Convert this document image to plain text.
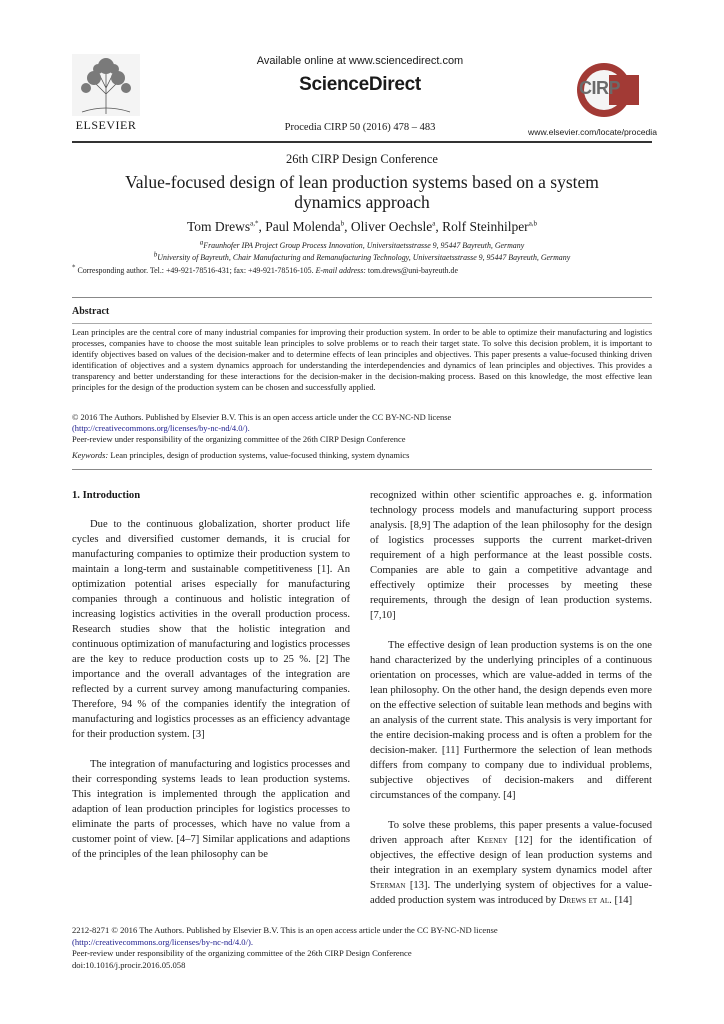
ELSEVIER
Available online at www.sciencedirect.com
ScienceDirect
Procedia CIRP 50 (2016) 478 – 483
CIRP
www.elsevier.com/locate/procedia
26th CIRP Design Conference
Value-focused design of lean production systems based on a system
dynamics approach
Tom Drews$^{a,*}$, Paul Molenda$^b$, Oliver Oechsle$^a$, Rolf Steinhilper$^{a,b}$
$^a$Fraunhofer IPA Project Group Process Innovation, Universitaetsstrasse 9, 95447 Bayreuth, Germany
$^b$University of Bayreuth, Chair Manufacturing and Remanufacturing Technology, Universitaetsstrasse 9, 95447 Bayreuth, Germany
* Corresponding author. Tel.: +49-921-78516-431; fax: +49-921-78516-105. E-mail address: tom.drews@uni-bayreuth.de
Abstract
Lean principles are the central core of many industrial companies for improving their production system. In order to be able to optimize their manufacturing and logistics processes, companies have to choose the most suitable lean principles to solve problems or to reach their target state. To solve this decision problem, it is important to identify objectives based on values of the decision-maker and to determine effects of lean principles and objectives. This paper presents a value-focused thinking driven identification of objectives and a system dynamics approach for understanding the interdependencies and dynamics of lean principles and objectives. This provides a transparency and better understanding for these interactions for the decision-maker in the decision-making process. Based on this knowledge, the most effective lean principles for the design of the production system can be chosen and successfully applied.
© 2016 The Authors. Published by Elsevier B.V. This is an open access article under the CC BY-NC-ND license
(http://creativecommons.org/licenses/by-nc-nd/4.0/).
Peer-review under responsibility of the organizing committee of the 26th CIRP Design Conference
Keywords: Lean principles, design of production systems, value-focused thinking, system dynamics
1. Introduction

Due to the continuous globalization, shorter product life cycles and diversified customer demands, it is crucial for manufacturing companies to optimize their production system to maintain a long-term and sustainable competitiveness [1]. An optimization potential arises especially for manufacturing companies through a continuous and holistic integration of increasing logistics activities in the overall production process. Research studies show that the holistic integration and continuous optimization of manufacturing and logistics processes are the key to reduce production costs up to 25 %. [2] The importance and the overall advantages of the integration are reflected by a current survey among manufacturing companies. Therefore, 94 % of the companies identify the integration of manufacturing and logistics processes as an efficiency advantage for their production system. [3]

The integration of manufacturing and logistics processes and their corresponding systems leads to lean production systems. This integration is implemented through the application and adaption of lean production principles for logistics processes to eliminate the parts of processes, which have no value from a customer point of view. [4–7] Similar applications and adaptions of the principles of the lean philosophy can be

recognized within other scientific approaches e. g. information technology process models and manufacturing support process analysis. [8,9] The adaption of the lean philosophy for the design of logistics processes supports the current market-driven requirement of a high performance at the least possible costs. Companies are able to gain a competitive advantage and effectively optimize their processes by meeting these requirements, through the design of lean production systems. [7,10]

The effective design of lean production systems is on the one hand characterized by the underlying principles of a continuous orientation on processes, which are value-added in terms of the lean philosophy. On the other hand, the design depends even more on the effective selection of suitable lean methods and begins with an analysis of the current state. This analysis is very important for the entire decision-making process and is often a problem for the decision-maker. [11] Furthermore the selection of lean methods differs from company to company due to individual problems, subjective objectives of decision-makers and different circumstances of the company. [4]

To solve these problems, this paper presents a value-focused driven approach after Keeney [12] for the identification of objectives, the effective design of lean production systems and their integration in an exemplary system dynamics model after Sterman [13]. The underlying system of objectives for a value-added production system was introduced by Drews et al. [14]

2212-8271 © 2016 The Authors. Published by Elsevier B.V. This is an open access article under the CC BY-NC-ND license
(http://creativecommons.org/licenses/by-nc-nd/4.0/).
Peer-review under responsibility of the organizing committee of the 26th CIRP Design Conference
doi:10.1016/j.procir.2016.05.058
